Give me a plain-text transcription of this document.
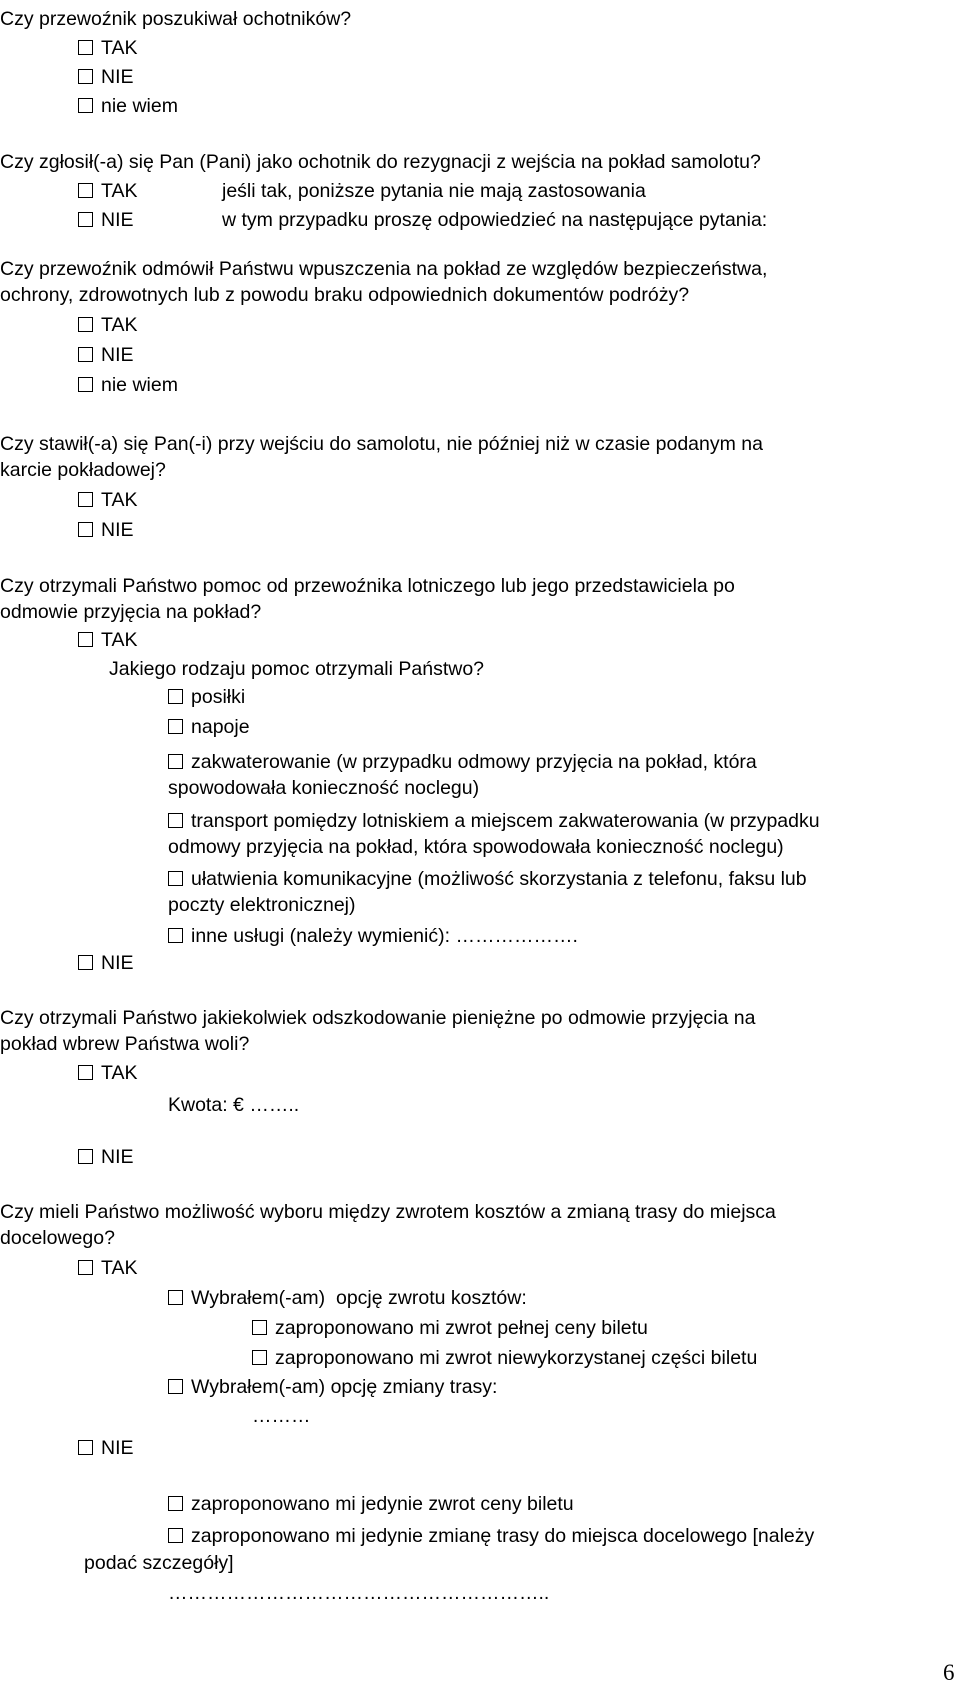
Czy przewoźnik poszukiwał ochotników?
TAK
NIE
nie wiem
Czy zgłosił(-a) się Pan (Pani) jako ochotnik do rezygnacji z wejścia na pokład samolotu?
TAK	jeśli tak, poniższe pytania nie mają zastosowania
NIE	w tym przypadku proszę odpowiedzieć na następujące pytania:
Czy przewoźnik odmówił Państwu wpuszczenia na pokład ze względów bezpieczeństwa,
ochrony, zdrowotnych lub z powodu braku odpowiednich dokumentów podróży?
TAK
NIE
nie wiem
Czy stawił(-a) się Pan(-i) przy wejściu do samolotu, nie później niż w czasie podanym na
karcie pokładowej?
TAK
NIE
Czy otrzymali Państwo pomoc od przewoźnika lotniczego lub jego przedstawiciela po
odmowie przyjęcia na pokład?
TAK
Jakiego rodzaju pomoc otrzymali Państwo?
posiłki
napoje
zakwaterowanie (w przypadku odmowy przyjęcia na pokład, która
spowodowała konieczność noclegu)
transport pomiędzy lotniskiem a miejscem zakwaterowania (w przypadku
odmowy przyjęcia na pokład, która spowodowała konieczność noclegu)
ułatwienia komunikacyjne (możliwość skorzystania z telefonu, faksu lub
poczty elektronicznej)
inne usługi (należy wymienić): ……………….
NIE
Czy otrzymali Państwo jakiekolwiek odszkodowanie pieniężne po odmowie przyjęcia na
pokład wbrew Państwa woli?
TAK
Kwota: € ……..
NIE
Czy mieli Państwo możliwość wyboru między zwrotem kosztów a zmianą trasy do miejsca
docelowego?
TAK
Wybrałem(-am)  opcję zwrotu kosztów:
zaproponowano mi zwrot pełnej ceny biletu
zaproponowano mi zwrot niewykorzystanej części biletu
Wybrałem(-am) opcję zmiany trasy:
………
NIE
zaproponowano mi jedynie zwrot ceny biletu
zaproponowano mi jedynie zmianę trasy do miejsca docelowego [należy
podać szczegóły]
…………………………………………………..
6
